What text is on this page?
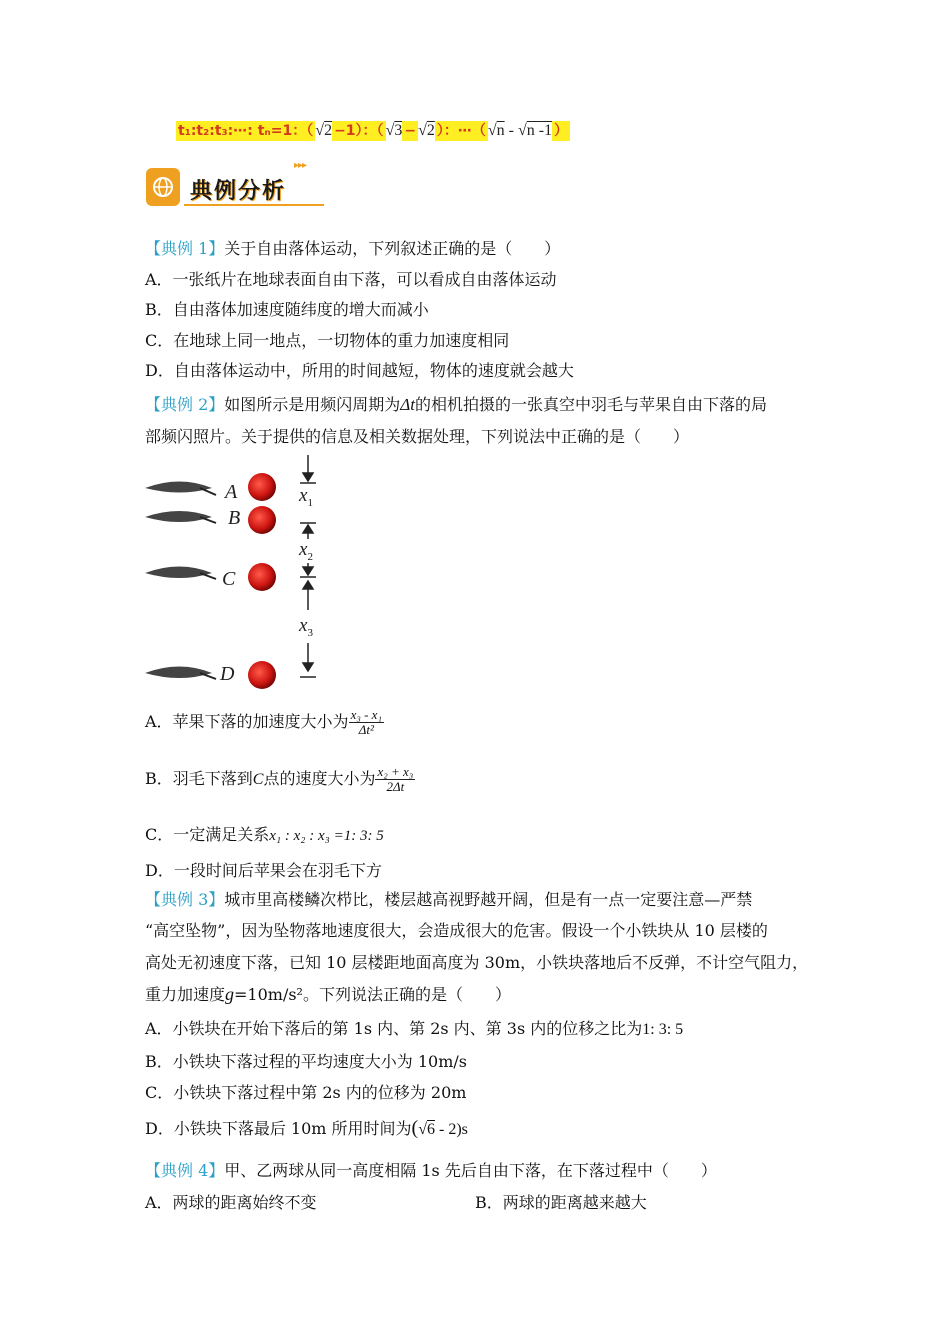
t₁:t₂:t₃:⋯: tₙ=1：（ √2 −1）：（ √3 − √2 ）：⋯（ √n - √n -1 ）
典例分析
▸▸▸
【典例 1】关于自由落体运动，下列叙述正确的是（　　）
A．一张纸片在地球表面自由下落，可以看成自由落体运动
B．自由落体加速度随纬度的增大而减小
C．在地球上同一地点，一切物体的重力加速度相同
D．自由落体运动中，所用的时间越短，物体的速度就会越大
【典例 2】如图所示是用频闪周期为Δt的相机拍摄的一张真空中羽毛与苹果自由下落的局
部频闪照片。关于提供的信息及相关数据处理，下列说法中正确的是（　　）
A
B
C
D
$x_1$
$x_2$
$x_3$
A．苹果下落的加速度大小为 $\frac{\text{x₃ - x₁}}{\text{Δt²}}$
B．羽毛下落到C点的速度大小为 $\frac{\text{x₂ + x₃}}{2\Delta t}$
C．一定满足关系x₁ : x₂ : x₃ =1: 3: 5
D．一段时间后苹果会在羽毛下方
【典例 3】城市里高楼鳞次栉比，楼层越高视野越开阔，但是有一点一定要注意—严禁
“高空坠物”，因为坠物落地速度很大，会造成很大的危害。假设一个小铁块从 10 层楼的
高处无初速度下落，已知 10 层楼距地面高度为 30m，小铁块落地后不反弹，不计空气阻力，
重力加速度g=10m/s²。下列说法正确的是（　　）
A．小铁块在开始下落后的第 1s 内、第 2s 内、第 3s 内的位移之比为1: 3: 5
B．小铁块下落过程的平均速度大小为 10m/s
C．小铁块下落过程中第 2s 内的位移为 20m
D．小铁块下落最后 10m 所用时间为(√6 - 2)s
【典例 4】甲、乙两球从同一高度相隔 1s 先后自由下落，在下落过程中（　　）
A．两球的距离始终不变	B．两球的距离越来越大
